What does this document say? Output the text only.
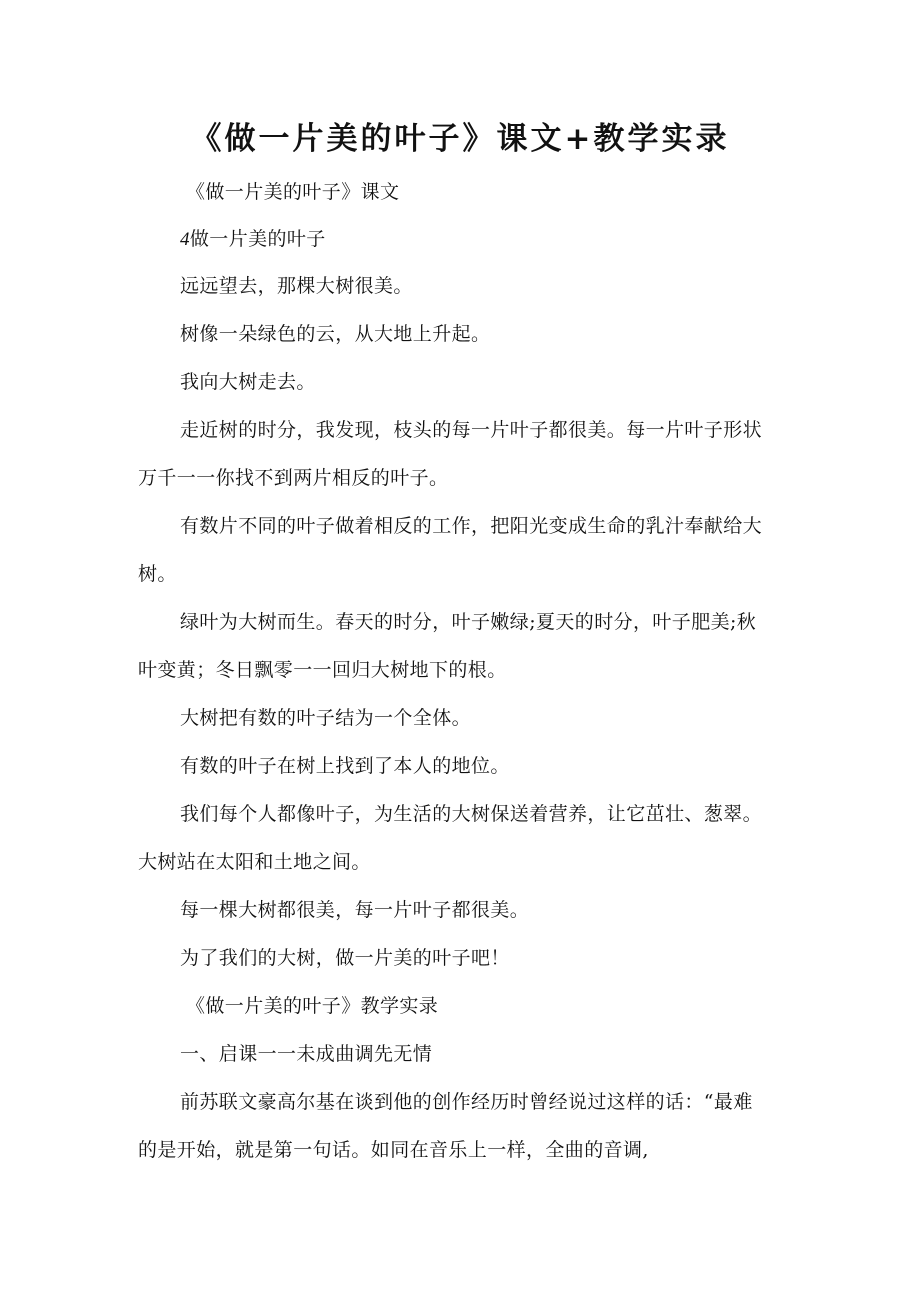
《做一片美的叶子》课文+教学实录
《做一片美的叶子》课文
4做一片美的叶子
远远望去，那棵大树很美。
树像一朵绿色的云，从大地上升起。
我向大树走去。
走近树的时分，我发现，枝头的每一片叶子都很美。每一片叶子形状
万千一一你找不到两片相反的叶子。
有数片不同的叶子做着相反的工作，把阳光变成生命的乳汁奉献给大
树。
绿叶为大树而生。春天的时分，叶子嫩绿;夏天的时分，叶子肥美;秋
叶变黄；冬日飘零一一回归大树地下的根。
大树把有数的叶子结为一个全体。
有数的叶子在树上找到了本人的地位。
我们每个人都像叶子，为生活的大树保送着营养，让它茁壮、葱翠。
大树站在太阳和土地之间。
每一棵大树都很美，每一片叶子都很美。
为了我们的大树，做一片美的叶子吧！
《做一片美的叶子》教学实录
一、启课一一未成曲调先无情
前苏联文豪高尔基在谈到他的创作经历时曾经说过这样的话：“最难
的是开始，就是第一句话。如同在音乐上一样，全曲的音调,
